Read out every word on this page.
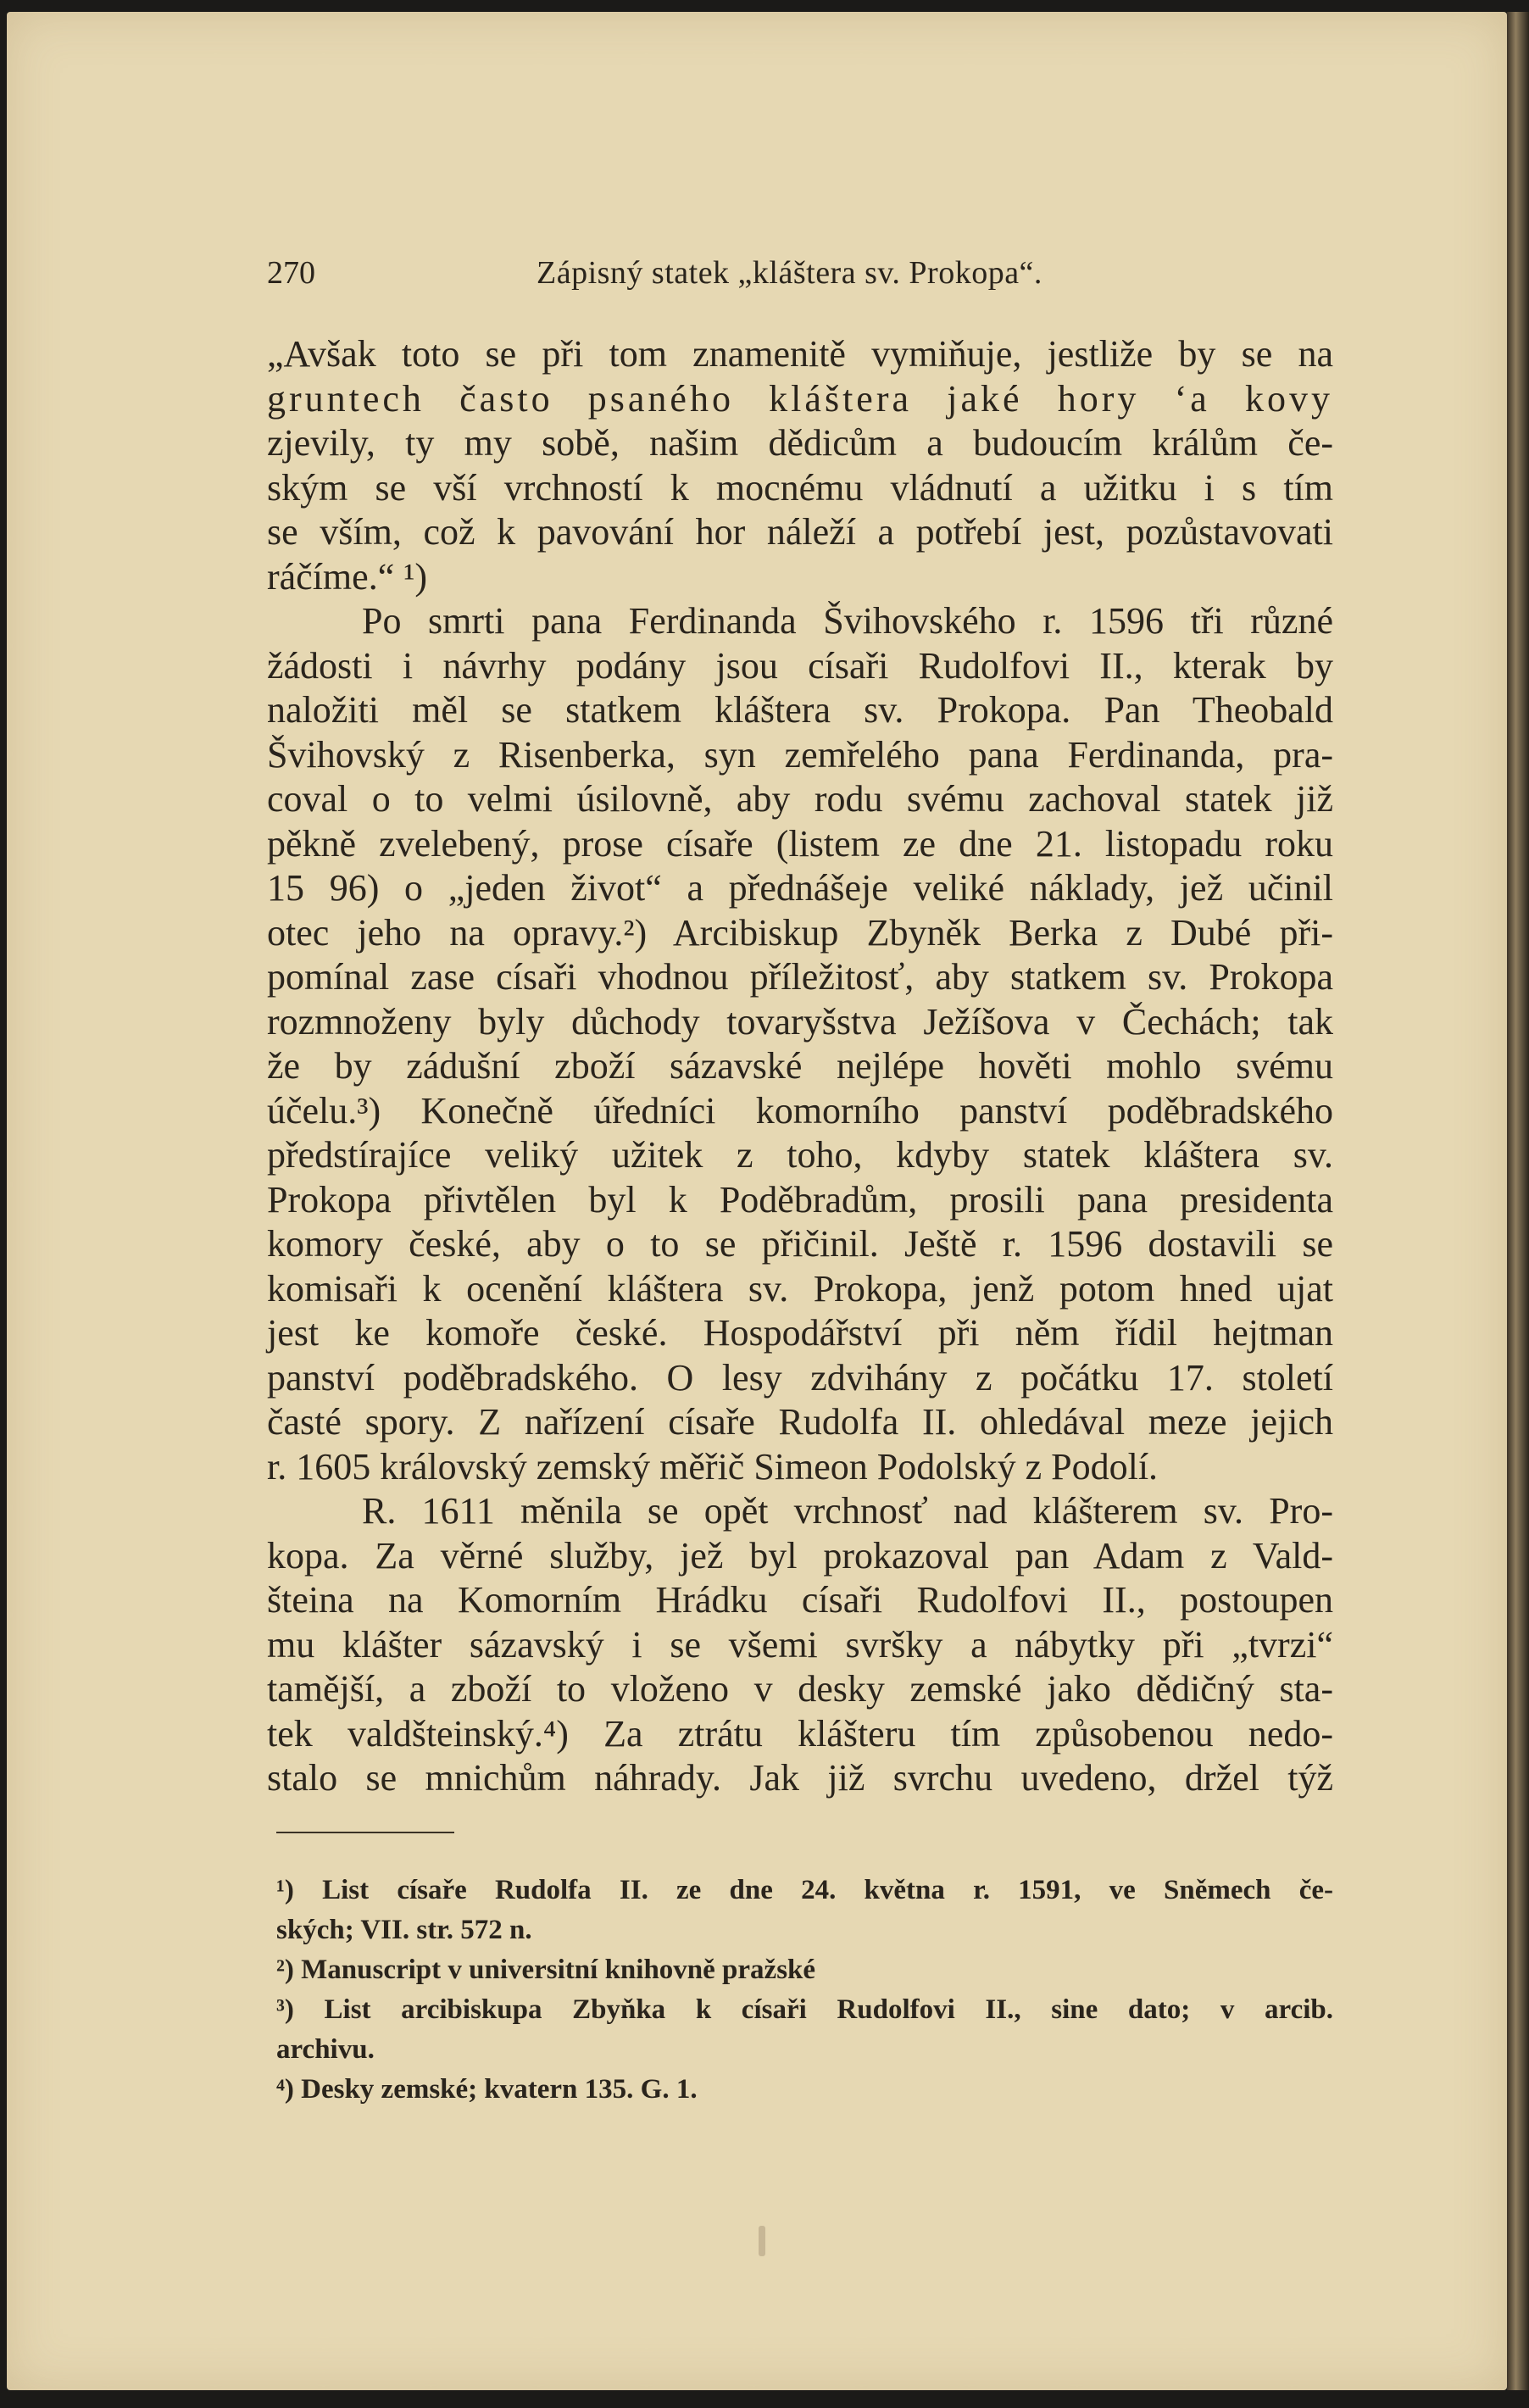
270	Zápisný statek „kláštera sv. Prokopa“.
„Avšak toto se při tom znamenitě vymiňuje, jestliže by se na
gruntech často psaného kláštera jaké hory ‘a kovy
zjevily, ty my sobě, našim dědicům a budoucím králům če-
ským se vší vrchností k mocnému vládnutí a užitku i s tím
se vším, což k pavování hor náleží a potřebí jest, pozůstavovati
ráčíme.“ ¹)
Po smrti pana Ferdinanda Švihovského r. 1596 tři různé
žádosti i návrhy podány jsou císaři Rudolfovi II., kterak by
naložiti měl se statkem kláštera sv. Prokopa. Pan Theobald
Švihovský z Risenberka, syn zemřelého pana Ferdinanda, pra-
coval o to velmi úsilovně, aby rodu svému zachoval statek již
pěkně zvelebený, prose císaře (listem ze dne 21. listopadu roku
15 96) o „jeden život“ a přednášeje veliké náklady, jež učinil
otec jeho na opravy.²) Arcibiskup Zbyněk Berka z Dubé při-
pomínal zase císaři vhodnou příležitosť, aby statkem sv. Prokopa
rozmnoženy byly důchody tovaryšstva Ježíšova v Čechách; tak
že by zádušní zboží sázavské nejlépe hověti mohlo svému
účelu.³) Konečně úředníci komorního panství poděbradského
předstírajíce veliký užitek z toho, kdyby statek kláštera sv.
Prokopa přivtělen byl k Poděbradům, prosili pana presidenta
komory české, aby o to se přičinil. Ještě r. 1596 dostavili se
komisaři k ocenění kláštera sv. Prokopa, jenž potom hned ujat
jest ke komoře české. Hospodářství při něm řídil hejtman
panství poděbradského. O lesy zdvihány z počátku 17. století
časté spory. Z nařízení císaře Rudolfa II. ohledával meze jejich
r. 1605 královský zemský měřič Simeon Podolský z Podolí.
R. 1611 měnila se opět vrchnosť nad klášterem sv. Pro-
kopa. Za věrné služby, jež byl prokazoval pan Adam z Vald-
šteina na Komorním Hrádku císaři Rudolfovi II., postoupen
mu klášter sázavský i se všemi svršky a nábytky při „tvrzi“
tamější, a zboží to vloženo v desky zemské jako dědičný sta-
tek valdšteinský.⁴) Za ztrátu klášteru tím způsobenou nedo-
stalo se mnichům náhrady. Jak již svrchu uvedeno, držel týž
¹) List císaře Rudolfa II. ze dne 24. května r. 1591, ve Sněmech če-
ských; VII. str. 572 n.
²) Manuscript v universitní knihovně pražské
³) List arcibiskupa Zbyňka k císaři Rudolfovi II., sine dato; v arcib.
archivu.
⁴) Desky zemské; kvatern 135. G. 1.
